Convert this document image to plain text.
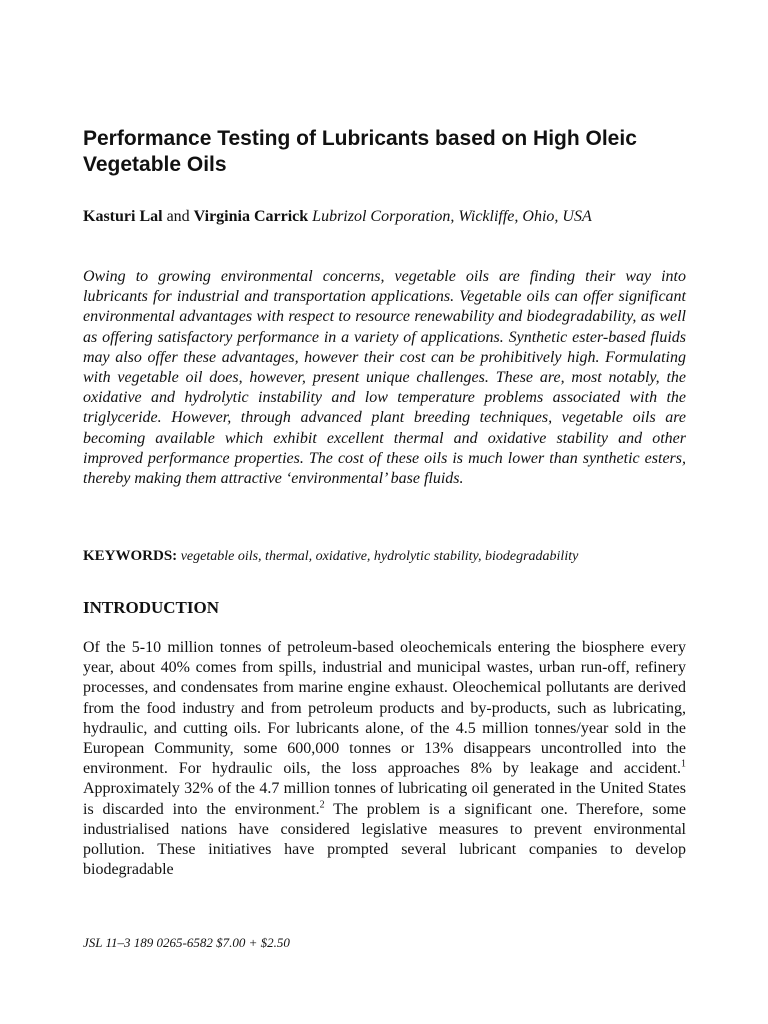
Performance Testing of Lubricants based on High Oleic Vegetable Oils
Kasturi Lal and Virginia Carrick Lubrizol Corporation, Wickliffe, Ohio, USA

Owing to growing environmental concerns, vegetable oils are finding their way into lubricants for industrial and transportation applications. Vegetable oils can offer significant environmental advantages with respect to resource renewability and biodegradability, as well as offering satisfactory performance in a variety of applications. Synthetic ester-based fluids may also offer these advantages, however their cost can be prohibitively high. Formulating with vegetable oil does, however, present unique challenges. These are, most notably, the oxidative and hydrolytic instability and low temperature problems associated with the triglyceride. However, through advanced plant breeding techniques, vegetable oils are becoming available which exhibit excellent thermal and oxidative stability and other improved performance properties. The cost of these oils is much lower than synthetic esters, thereby making them attractive ‘environmental’ base fluids.

KEYWORDS: vegetable oils, thermal, oxidative, hydrolytic stability, biodegradability

INTRODUCTION

Of the 5-10 million tonnes of petroleum-based oleochemicals entering the biosphere every year, about 40% comes from spills, industrial and municipal wastes, urban run-off, refinery processes, and condensates from marine engine exhaust. Oleochemical pollutants are derived from the food industry and from petroleum products and by-products, such as lubricating, hydraulic, and cutting oils. For lubricants alone, of the 4.5 million tonnes/year sold in the European Community, some 600,000 tonnes or 13% disappears uncontrolled into the environment. For hydraulic oils, the loss approaches 8% by leakage and accident.$^1$ Approximately 32% of the 4.7 million tonnes of lubricating oil generated in the United States is discarded into the environment.$^2$ The problem is a significant one. Therefore, some industrialised nations have considered legislative measures to prevent environmental pollution. These initiatives have prompted several lubricant companies to develop biodegradable

JSL 11–3 189 0265-6582 $7.00 + $2.50
